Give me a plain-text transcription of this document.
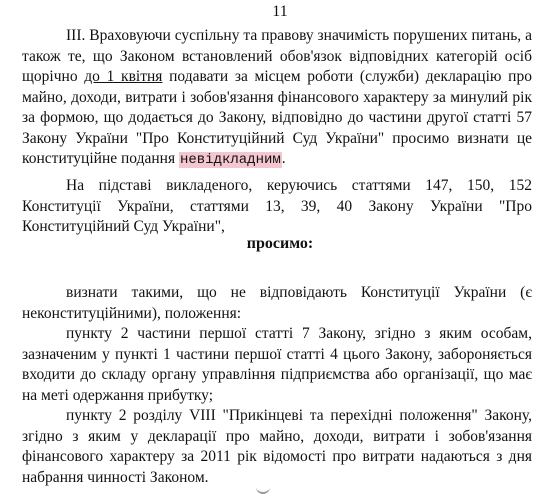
11

III. Враховуючи суспільну та правову значимість порушених питань, а також те, що Законом встановлений обов'язок відповідних категорій осіб щорічно до 1 квітня подавати за місцем роботи (служби) декларацію про майно, доходи, витрати і зобов'язання фінансового характеру за минулий рік за формою, що додається до Закону, відповідно до частини другої статті 57 Закону України "Про Конституційний Суд України" просимо визнати це конституційне подання невідкладним.

На підставі викладеного, керуючись статтями 147, 150, 152 Конституції України, статтями 13, 39, 40 Закону України "Про Конституційний Суд України",

просимо:

визнати такими, що не відповідають Конституції України (є неконституційними), положення:

пункту 2 частини першої статті 7 Закону, згідно з яким особам, зазначеним у пункті 1 частини першої статті 4 цього Закону, забороняється входити до складу органу управління підприємства або організації, що має на меті одержання прибутку;

пункту 2 розділу VIII "Прикінцеві та перехідні положення" Закону, згідно з яким у декларації про майно, доходи, витрати і зобов'язання фінансового характеру за 2011 рік відомості про витрати надаються з дня набрання чинності Законом.
